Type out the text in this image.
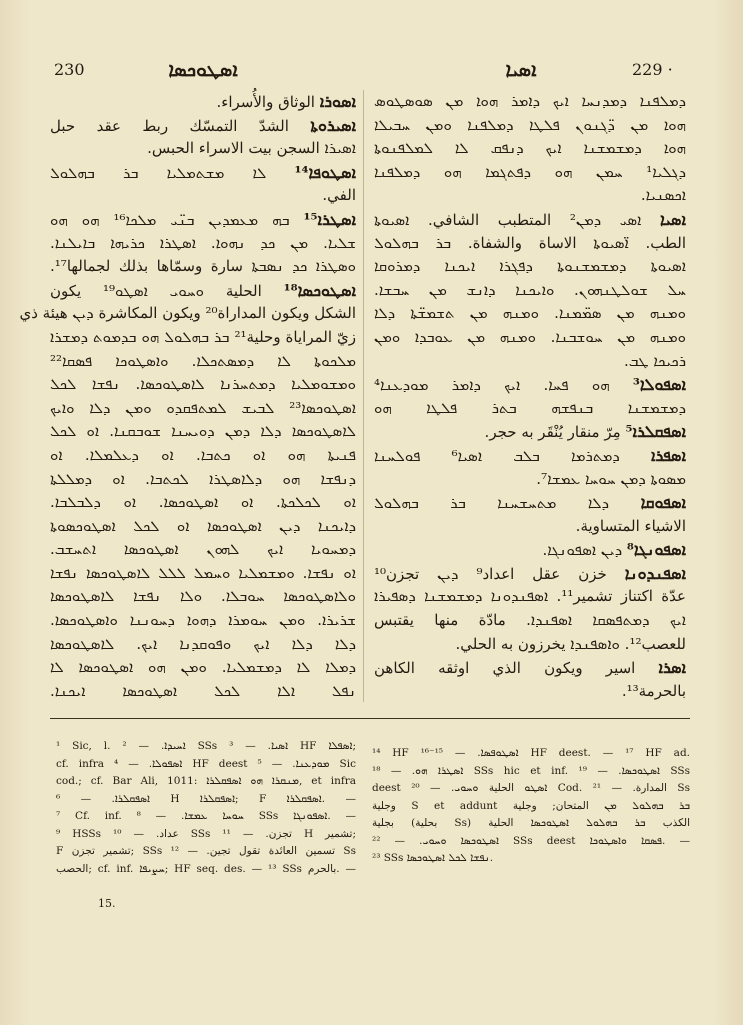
230	ܐܣܛܘܟܣܐ	ܐܣܝܐ	229 ·
ܐܣܘܪܐ الوثاق والأُسراء.
ܐܣܝܪܘܬܐ الشدّ التمسّك ربط عقد حبل
ܐܣܝܪܐ السجن بيت الاسراء الحبس.
ܐܣܛܘܦܐ¹⁴ ܠܐ ܡܫܬܡܠܝܐ ܒܪ ܒܗܠܘܠ
الفي.
ܐܣܛܪܐ¹⁵ ܒܗ ܡܥܡܕܝܢ ܒܢ̈ܝ ܡܠܟܐ¹⁶ ܗܘ ܗܘ
ܫܠܝܐ. ܡܢ ܟܕ ܢܗܘܐ. ܐܣܛܪܐ ܟܪܝܗܐ ܒܐܝܠܢܐ.
ܘܣܛܪܐ ܟܕ ܢܣܒܬܐ سارة وسمّاها بذلك لجمالها¹⁷.
ܐܣܛܘܟܣܐ¹⁸ الحلية ܘܚܘܝ ܐܣܛܘ¹⁹ يكون
الشكل ويكون المداراة²⁰ ويكون المكاشرة ܕܝܢ هيئة ذي
زيّ المراياة وحلية²¹ ܒܪ ܒܗܠܘܠ ܗܘ ܒܕܡܘܬ ܕܡܫܪܐ
ܡܠܟܘܬܐ ܠܐ ܕܡܣܬܟܠܐ. ܘܐܣܛܘܟܐ ܦܣܩܐ²²
ܘܡܫܘܡܠܝܐ ܕܡܬܚܪܢܐ ܠܐܣܛܘܟܣܐ. ܢܦܫܐ ܠܟܠ
ܐܣܛܘܟܣܐ²³ ܠܒܝܫ ܠܡܬܦܩܕܘ ܘܡܢ ܕܠܐ ܘܐܝܟ
ܠܐܣܛܘܟܣܐ ܕܠܐ ܕܡܢ ܕܘܝܚܢܐ ܫܘܒܩܢܐ. ܐܘ ܠܟܠ
ܦܢܝܬܐ ܗܘ ܐܘ ܟܬܒܐ. ܐܘ ܕܥܠܡܠܐ. ܐܘ
ܕܢܦܫܐ ܗܘ ܕܠܐܣܛܪܐ ܠܟܬܒܐ. ܐܘ ܕܡܠܠܬܐ
ܐܘ ܠܟܠܟܬܐ. ܐܘ ܐܣܛܘܟܣܐ. ܐܘ ܕܠܒܠܒܐ.
ܕܐܝܟܢܐ ܕܝܢ ܐܣܛܘܟܣܐ ܐܘ ܠܟܠ ܐܣܛܘܟܣܘܬܐ
ܕܡܚܘܝܐ ܐܝܟ ܠܗܘܢ ܐܣܛܘܟܣܐ ܐܬܚܫܒ.
ܐܘ ܢܦܫܐ. ܘܡܫܡܠܝܐ ܘܚܡܠ ܠܠܠ ܠܐܣܛܘܟܣܐ ܢܦܫܐ
ܘܠܐܣܛܘܟܣܐ ܚܘܒܠܐ. ܘܠܐ ܢܦܫܐ ܠܐܣܛܘܟܣܐ
ܫܪܝܪܐ. ܘܡܢ ܚܘܡܪܐ ܕܗܘܐ ܕܚܘܢܢܐ ܘܐܣܛܘܟܣܐ.
ܕܠܐ ܕܠܐ ܐܝܟ ܘܦܘܩܕܢܐ ܐܝܟ. ܠܐܣܛܘܟܣܐ
ܕܡܠܐ ܠܐ ܕܡܫܡܠܝܐ. ܘܡܢ ܗܘ ܐܣܛܘܟܣܐ ܠܐ
ܢܦܠ ܐܠܐ ܠܟܠ ܐܣܛܘܟܣܐ ܐܝܟܢܐ.
ܕܡܠܦܢܐ ܕܡܕܢܚܐ ܐܝܟ ܕܐܡܪ ܗܘܐ ܡܢ ܣܘܣܛܘܣ
ܗܘܐ ܡܢ ܕ̈ܓܢܘܢ ܦܠܛܐ ܕܡܠܦܢܐ ܘܡܢ ܚܒܝܠܐ
ܗܘܐ ܕܡܫܡܫܢܐ ܐܝܟ ܕܢܦܩ ܠܐ ܠܡܠܦܢܘܬܐ
ܕܓܠܝܐ¹ ܚܡܢ ܗܘ ܕܦܬܓܡܐ ܗܘ ܕܡܠܦܢܐ
ܐܟܣܢܝܐ.
ܐܣܝܐ ܐܣܝ ܕܡܢ² المتطبب الشافي. ܐܣܝܘܬܐ
الطب. ܐ̈ܣܝܘܬܐ الاساة والشفاة. ܒܪ ܒܗܠܘܠ
ܐܣܝܘܬܐ ܕܡܫܡܫܢܘܬܐ ܕܦܓܪܐ ܐܝܟܢܐ ܕܡܪܘܩܐ
ܚܠ ܫܘܠܛܢܗܘܢ. ܘܐܝܟܢܐ ܕܐܢܫ ܡܢ ܚܒܫܐ.
ܘܡܢܗ ܡܢ ܣܡ̈ܡܢܐ. ܘܡܢܗ ܡܢ ܬܫܡܫ̈ܬܐ ܕܠܐ
ܘܡܢܗ ܡܢ ܚܘܫܒܢܐ. ܘܡܢܗ ܡܢ ܥܘܒܕܐ ܘܡܢ
ܪܟܝܟܐ ܛܒ.
ܐܣܦܘܠܐ³ ܗܘ ܦܚܐ. ܐܝܟ ܕܐܡܪ ܡܘܕܥܢܐ⁴
ܕܡܫܡܫܢܐ ܒܢܦܫܗ ܒܬܪ ܦܠܛܐ ܗܘ
ܐܣܦܩܠܪܐ⁵ مِرّ منقار يُنْقَر به حجر.
ܐܣܦܪܐ ܕܡܬܪܡܐ ܒܠܒ ܐܣܝܐ⁶ ܦܘܠܚܢܐ
ܡܣܘܬܐ ܕܡܢ ܚܘܚܐ ܥܡܫܐ⁷.
ܐܣܦܘܩܐ ܕܠܐ ܡܬܚܫܚܢܐ ܒܪ ܒܗܠܘܠ
الاشياء المتساوية.
ܐܣܦܘܢܓܐ⁸ ܕܝܢ ܐܣܦܘܢܓܐ.
ܐܣܦܢܕܘܢܐ خزن عقل اعداد⁹ ܕܝܢ تجزن¹⁰
عدّة اكتناز تشمير¹¹. ܐܣܦܢܕܘܢܐ ܕܡܫܡܫܢܐ ܕܣܦܝܪܐ
ܐܝܟ ܕܡܬܦܣܩܐ ܐܣܦܢܕܐ. مادّة منها يقتبس
للعصب¹². ܘܐܣܦܢܕܐ يخرزون به الحلي.
ܐܣܪܐ اسير ويكون الذي اوثقه الكاهن
بالحرمة¹³.
¹ Sic, l. ܐܚܝܕܐ. — ² SSs ܐܣܝܐ. — ³ HF ܐܣܦܠܐ;
cf. infra ܐܣܦܘܠܐ. — ⁴ HF deest ܡܘܕܥܢܐ. — ⁵ Sic
cod.; cf. Bar Ali, 1011: ܡܢܩܪܐ ܗܘ ܐܣܦܩܠܪܐ, et infra
ܐܣܦܩܠܪܐ. — ⁶ H ܐܣܦܩܠܪܐ; F ܐܣܦܩܠܪܐ. —
⁷ Cf. inf. ܚܘܚܐ ܥܡܫܐ. — ⁸ SSs ܐܣܦܘܢܓܐ. —
⁹ HSSs عداد. — ¹⁰ SSs تجزن. — ¹¹ H تشمير;
F تشمير تجزن; SSs تسمين العائدة تقول تجين. — ¹² Ss
الحصب; cf. inf. ܚܨܝܦܐ; HF seq. des. — ¹³ SSs بالحرم. —
¹⁴ HF ܐܣܛܘܦܣܐ. — ¹⁵⁻¹⁶ HF deest. — ¹⁷ HF ad.
ܐܣܛܪܐ ܗܘ. — ¹⁸ SSs hic et inf. ܐܣܛܘܟܣܐ. — ¹⁹ SSs
deest ܐܣܛܘ الحلية ܘܚܘܝ. — ²⁰ Cod. المدارة. — ²¹ Ss
وجلية S et addunt ܒܪ ܒܗܠܘܠ ܡܢ المتحان; وجلية
بجلية (بحلية Ss) الكذب ܒܪ ܒܗܠܘܠ ܐܣܛܘܟܣܐ الحلية
ܐܣܛܘܟܣܐ ܘܚܘܝ. — ²² SSs deest ܦܣܩܐ ܘܐܣܛܘܟܐ. —
²³ SSs ܢܦܫܐ ܠܟܠ ܐܣܛܘܟܣܐ.
15.
